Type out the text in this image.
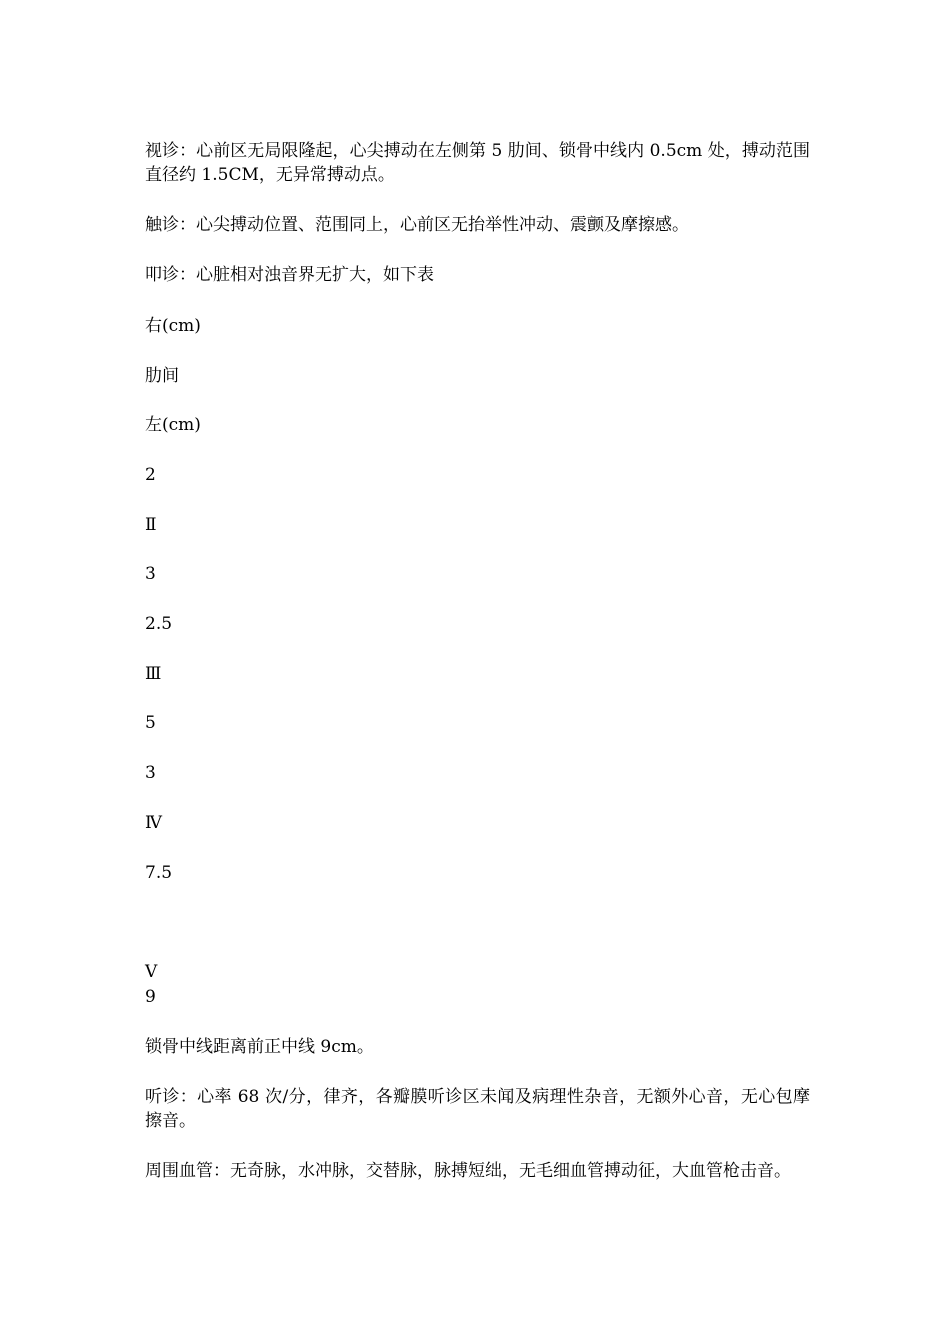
视诊：心前区无局限隆起，心尖搏动在左侧第 5 肋间、锁骨中线内 0.5cm 处，搏动范围直径约 1.5CM，无异常搏动点。

触诊：心尖搏动位置、范围同上，心前区无抬举性冲动、震颤及摩擦感。

叩诊：心脏相对浊音界无扩大，如下表

右(cm)

肋间

左(cm)

2

Ⅱ

3

2.5

Ⅲ

5

3

Ⅳ

7.5

Ⅴ

9

锁骨中线距离前正中线 9cm。

听诊：心率 68 次/分，律齐，各瓣膜听诊区未闻及病理性杂音，无额外心音，无心包摩擦音。

周围血管：无奇脉，水冲脉，交替脉，脉搏短绌，无毛细血管搏动征，大血管枪击音。
